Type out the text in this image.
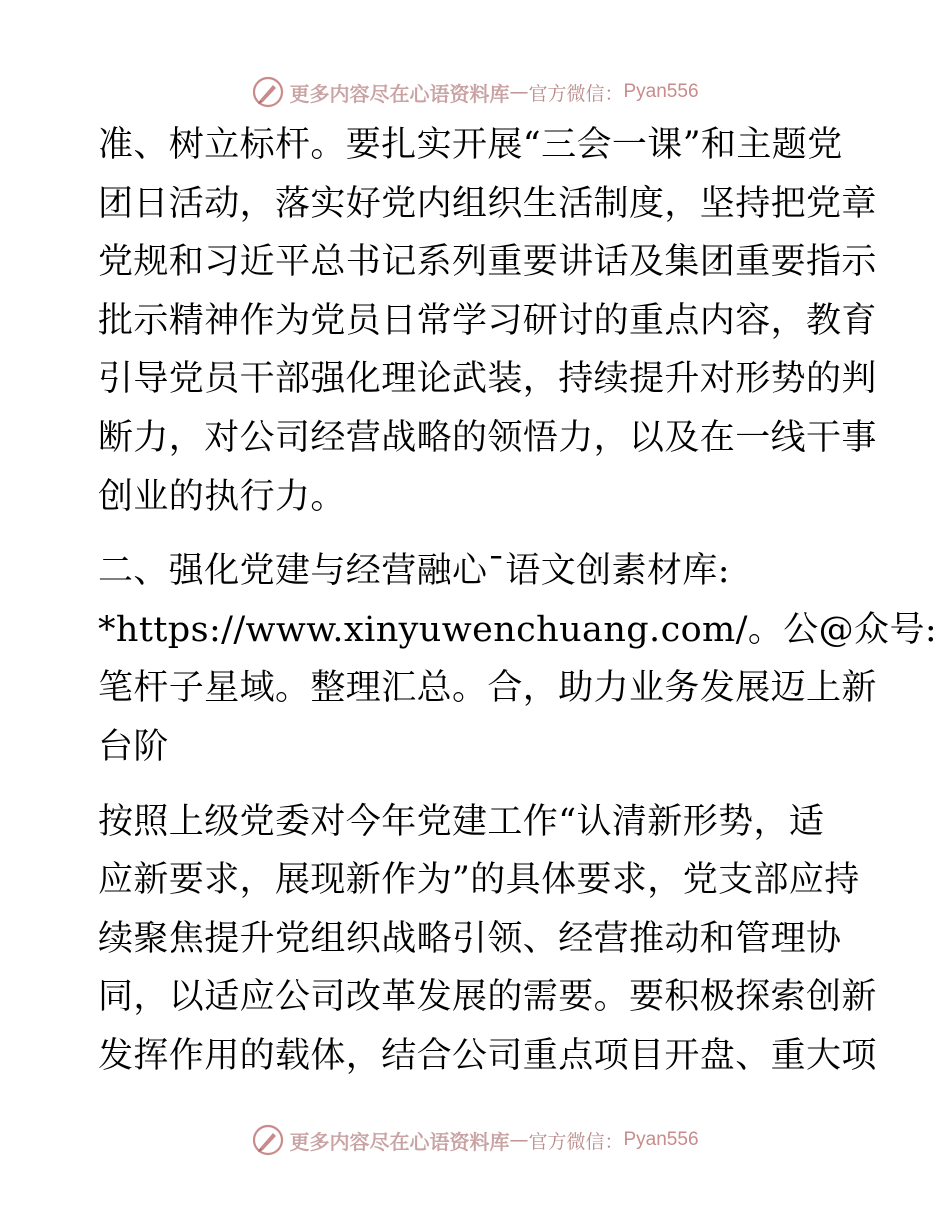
更多内容尽在心语资料库 — 官方微信： Pyan556

准、树立标杆。要扎实开展“三会一课”和主题党
团日活动，落实好党内组织生活制度，坚持把党章
党规和习近平总书记系列重要讲话及集团重要指示
批示精神作为党员日常学习研讨的重点内容，教育
引导党员干部强化理论武装，持续提升对形势的判
断力，对公司经营战略的领悟力，以及在一线干事
创业的执行力。

二、强化党建与经营融心¯语文创素材库:
*https://www.xinyuwenchuang.com/。公@众号:
笔杆子星域。整理汇总。合，助力业务发展迈上新
台阶

按照上级党委对今年党建工作“认清新形势，适
应新要求，展现新作为”的具体要求，党支部应持
续聚焦提升党组织战略引领、经营推动和管理协
同，以适应公司改革发展的需要。要积极探索创新
发挥作用的载体，结合公司重点项目开盘、重大项

更多内容尽在心语资料库 — 官方微信： Pyan556
